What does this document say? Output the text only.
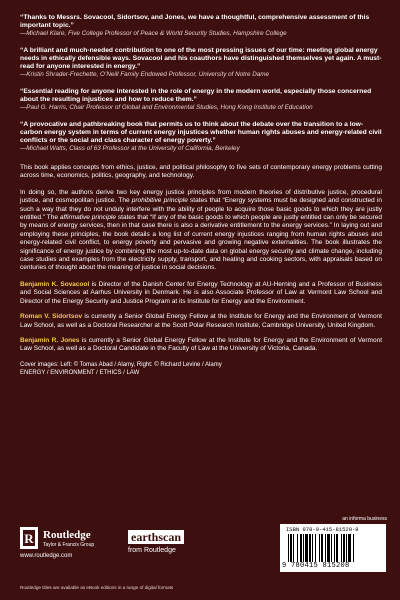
“Thanks to Messrs. Sovacool, Sidortsov, and Jones, we have a thoughtful, comprehensive assessment of this important topic.”

—Michael Klare, Five College Professor of Peace & World Security Studies, Hampshire College

“A brilliant and much-needed contribution to one of the most pressing issues of our time: meeting global energy needs in ethically defensible ways. Sovacool and his coauthors have distinguished themselves yet again. A must-read for anyone interested in energy.”

—Kristin Shrader-Frechette, O’Neill Family Endowed Professor, University of Notre Dame

“Essential reading for anyone interested in the role of energy in the modern world, especially those concerned about the resulting injustices and how to reduce them.”

—Paul G. Harris, Chair Professor of Global and Environmental Studies, Hong Kong Institute of Education

“A provocative and pathbreaking book that permits us to think about the debate over the transition to a low-carbon energy system in terms of current energy injustices whether human rights abuses and energy-related civil conflicts or the social and class character of energy poverty.”

—Michael Watts, Class of 63 Professor at the University of California, Berkeley

This book applies concepts from ethics, justice, and political philosophy to five sets of contemporary energy problems cutting across time, economics, politics, geography, and technology.

In doing so, the authors derive two key energy justice principles from modern theories of distributive justice, procedural justice, and cosmopolitan justice. The prohibitive principle states that “Energy systems must be designed and constructed in such a way that they do not unduly interfere with the ability of people to acquire those basic goods to which they are justly entitled.” The affirmative principle states that “If any of the basic goods to which people are justly entitled can only be secured by means of energy services, then in that case there is also a derivative entitlement to the energy services.” In laying out and employing these principles, the book details a long list of current energy injustices ranging from human rights abuses and energy-related civil conflict, to energy poverty and pervasive and growing negative externalities. The book illustrates the significance of energy justice by combining the most up-to-date data on global energy security and climate change, including case studies and examples from the electricity supply, transport, and heating and cooking sectors, with appraisals based on centuries of thought about the meaning of justice in social decisions.

Benjamin K. Sovacool is Director of the Danish Center for Energy Technology at AU-Herning and a Professor of Business and Social Sciences at Aarhus University in Denmark. He is also Associate Professor of Law at Vermont Law School and Director of the Energy Security and Justice Program at its Institute for Energy and the Environment.

Roman V. Sidortsov is currently a Senior Global Energy Fellow at the Institute for Energy and the Environment of Vermont Law School, as well as a Doctoral Researcher at the Scott Polar Research Institute, Cambridge University, United Kingdom.

Benjamin R. Jones is currently a Senior Global Energy Fellow at the Institute for Energy and the Environment of Vermont Law School, as well as a Doctoral Candidate in the Faculty of Law at the University of Victoria, Canada.

Cover images: Left: © Tomas Abad / Alamy, Right: © Richard Levine / Alamy

ENERGY / ENVIRONMENT / ETHICS / LAW

R Routledge
Taylor & Francis Group
www.routledge.com
earthscan
from Routledge
an informa business
ISBN 978-0-415-81520-8
9 780415 815208
Routledge titles are available as eBook editions in a range of digital formats
